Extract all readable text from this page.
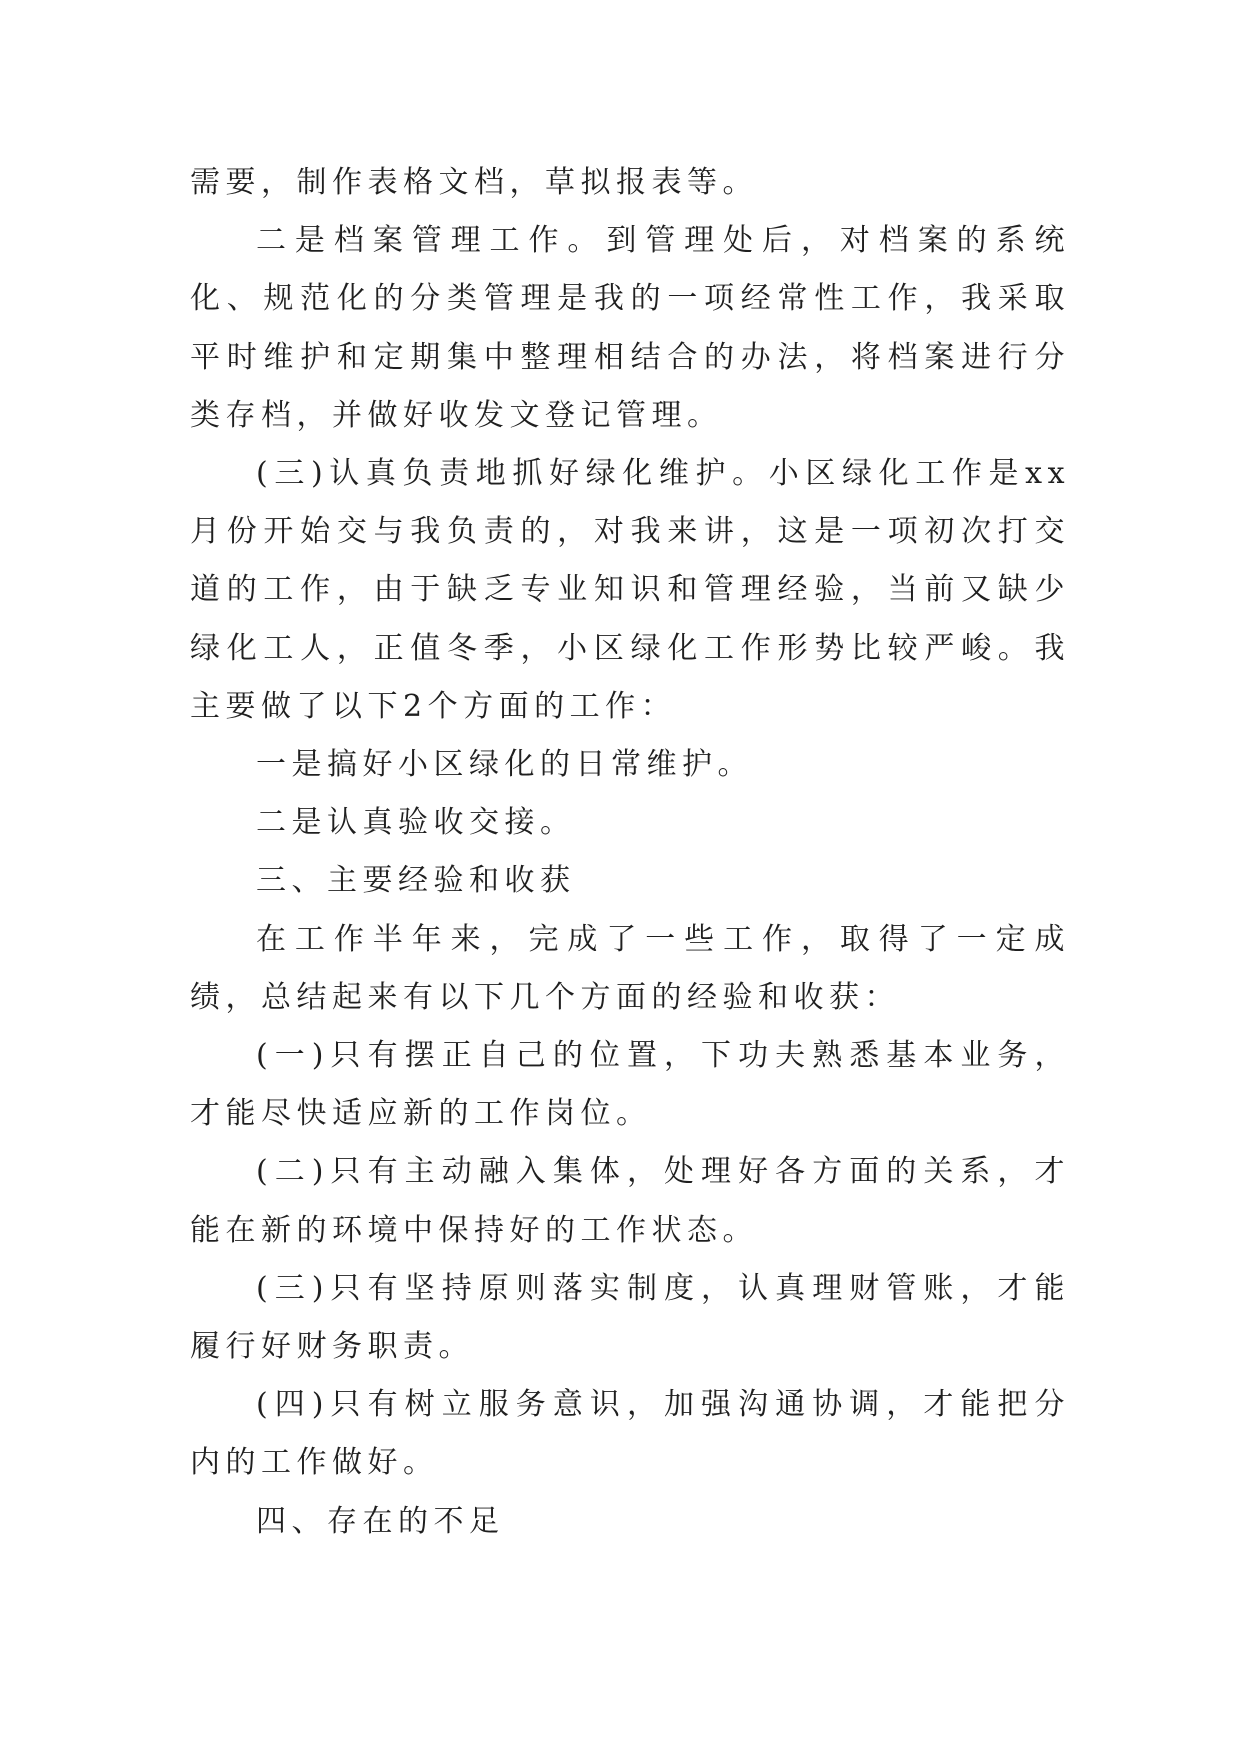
需要，制作表格文档，草拟报表等。

二是档案管理工作。到管理处后，对档案的系统化、规范化的分类管理是我的一项经常性工作，我采取平时维护和定期集中整理相结合的办法，将档案进行分类存档，并做好收发文登记管理。

(三)认真负责地抓好绿化维护。小区绿化工作是xx月份开始交与我负责的，对我来讲，这是一项初次打交道的工作，由于缺乏专业知识和管理经验，当前又缺少绿化工人，正值冬季，小区绿化工作形势比较严峻。我主要做了以下2个方面的工作：

一是搞好小区绿化的日常维护。

二是认真验收交接。

三、主要经验和收获

在工作半年来，完成了一些工作，取得了一定成绩，总结起来有以下几个方面的经验和收获：

(一)只有摆正自己的位置，下功夫熟悉基本业务，才能尽快适应新的工作岗位。

(二)只有主动融入集体，处理好各方面的关系，才能在新的环境中保持好的工作状态。

(三)只有坚持原则落实制度，认真理财管账，才能履行好财务职责。

(四)只有树立服务意识，加强沟通协调，才能把分内的工作做好。

四、存在的不足
